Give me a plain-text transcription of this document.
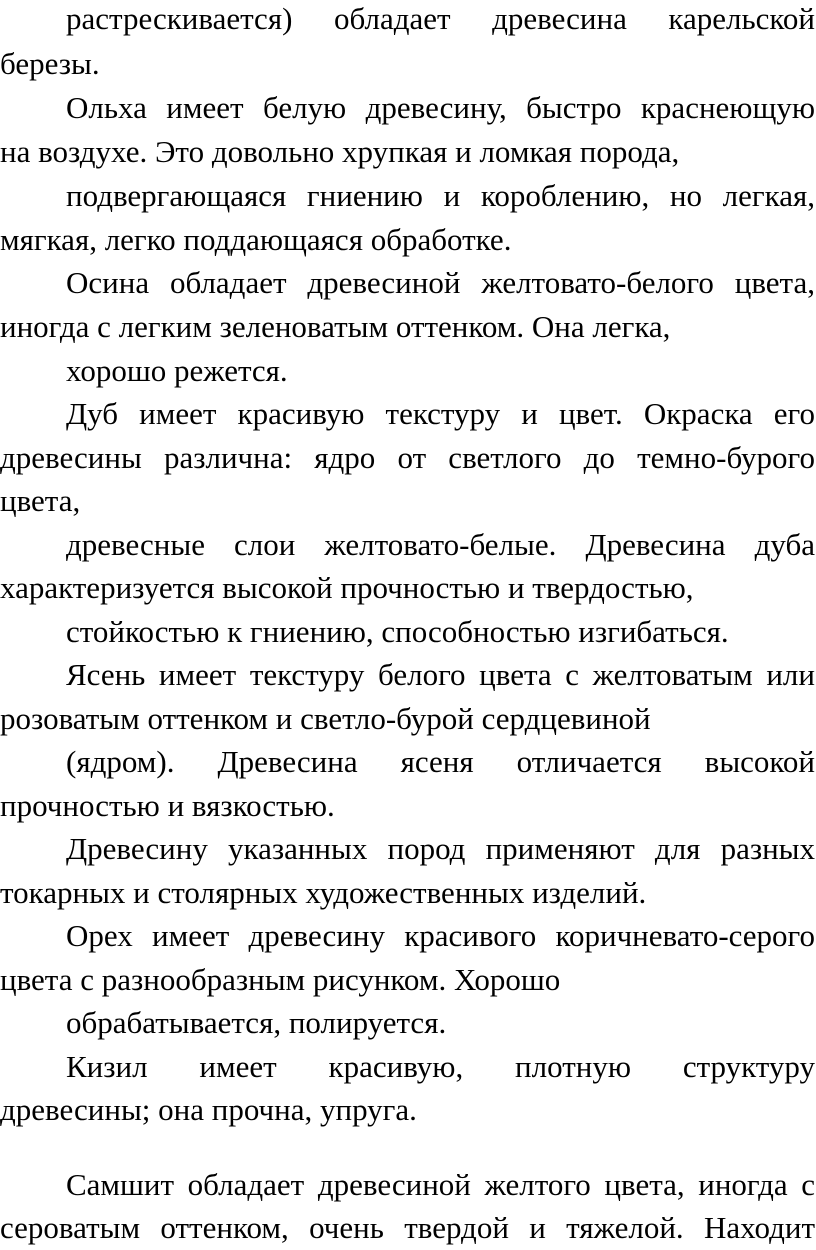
растрескивается) обладает древесина карельской
березы.
Ольха имеет белую древесину, быстро краснеющую
на воздухе. Это довольно хрупкая и ломкая порода,
подвергающаяся гниению и короблению, но легкая,
мягкая, легко поддающаяся обработке.
Осина обладает древесиной желтовато-белого цвета,
иногда с легким зеленоватым оттенком. Она легка,
хорошо режется.
Дуб имеет красивую текстуру и цвет. Окраска его
древесины различна: ядро от светлого до темно-бурого
цвета,
древесные слои желтовато-белые. Древесина дуба
характеризуется высокой прочностью и твердостью,
стойкостью к гниению, способностью изгибаться.
Ясень имеет текстуру белого цвета с желтоватым или
розоватым оттенком и светло-бурой сердцевиной
(ядром). Древесина ясеня отличается высокой
прочностью и вязкостью.
Древесину указанных пород применяют для разных
токарных и столярных художественных изделий.
Орех имеет древесину красивого коричневато-серого
цвета с разнообразным рисунком. Хорошо
обрабатывается, полируется.
Кизил имеет красивую, плотную структуру
древесины; она прочна, упруга.
Самшит обладает древесиной желтого цвета, иногда с
сероватым оттенком, очень твердой и тяжелой. Находит
